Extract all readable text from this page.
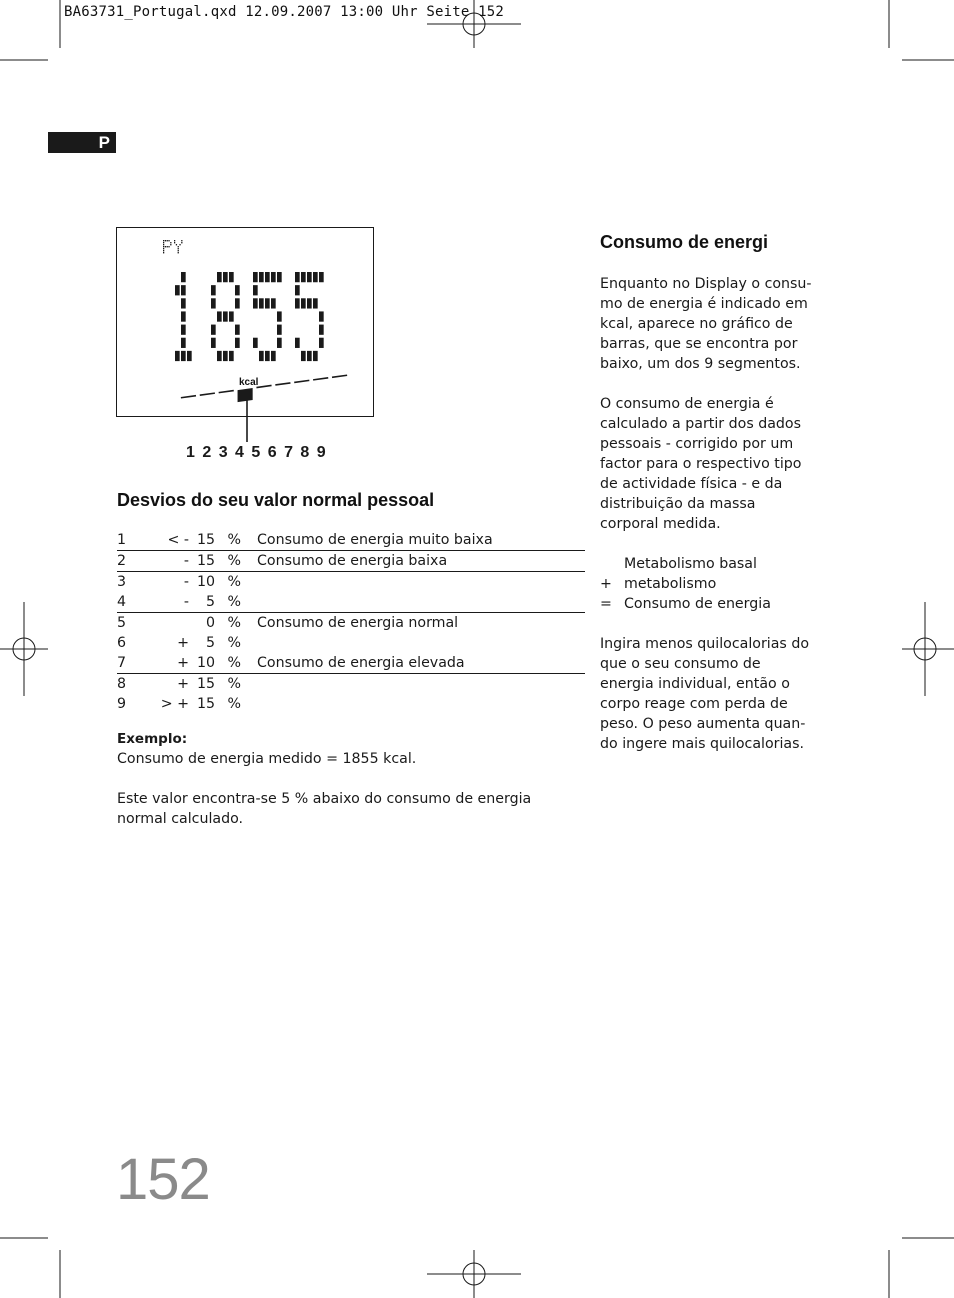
BA63731_Portugal.qxd 12.09.2007 13:00 Uhr Seite 152
P
kcal
1 2 3 4 5 6 7 8 9
Desvios do seu valor normal pessoal
1	< -	15	%	Consumo de energia muito baixa
2	-	15	%	Consumo de energia baixa
3	-	10	%	
4	-	5	%	
5		0	%	Consumo de energia normal
6	+	5	%	
7	+	10	%	Consumo de energia elevada
8	+	15	%	
9	> +	15	%	
Exemplo:
Consumo de energia medido = 1855 kcal.
Este valor encontra-se 5 % abaixo do consumo de energia normal calculado.
Consumo de energi
Enquanto no Display o consu-mo de energia é indicado em kcal, aparece no gráfico de barras, que se encontra por baixo, um dos 9 segmentos.
O consumo de energia é calculado a partir dos dados pessoais - corrigido por um factor para o respectivo tipo de actividade física - e da distribuição da massa corporal medida.
	Metabolismo basal
+	metabolismo
=	Consumo de energia
Ingira menos quilocalorias do que o seu consumo de energia individual, então o corpo reage com perda de peso. O peso aumenta quan-do ingere mais quilocalorias.
152
